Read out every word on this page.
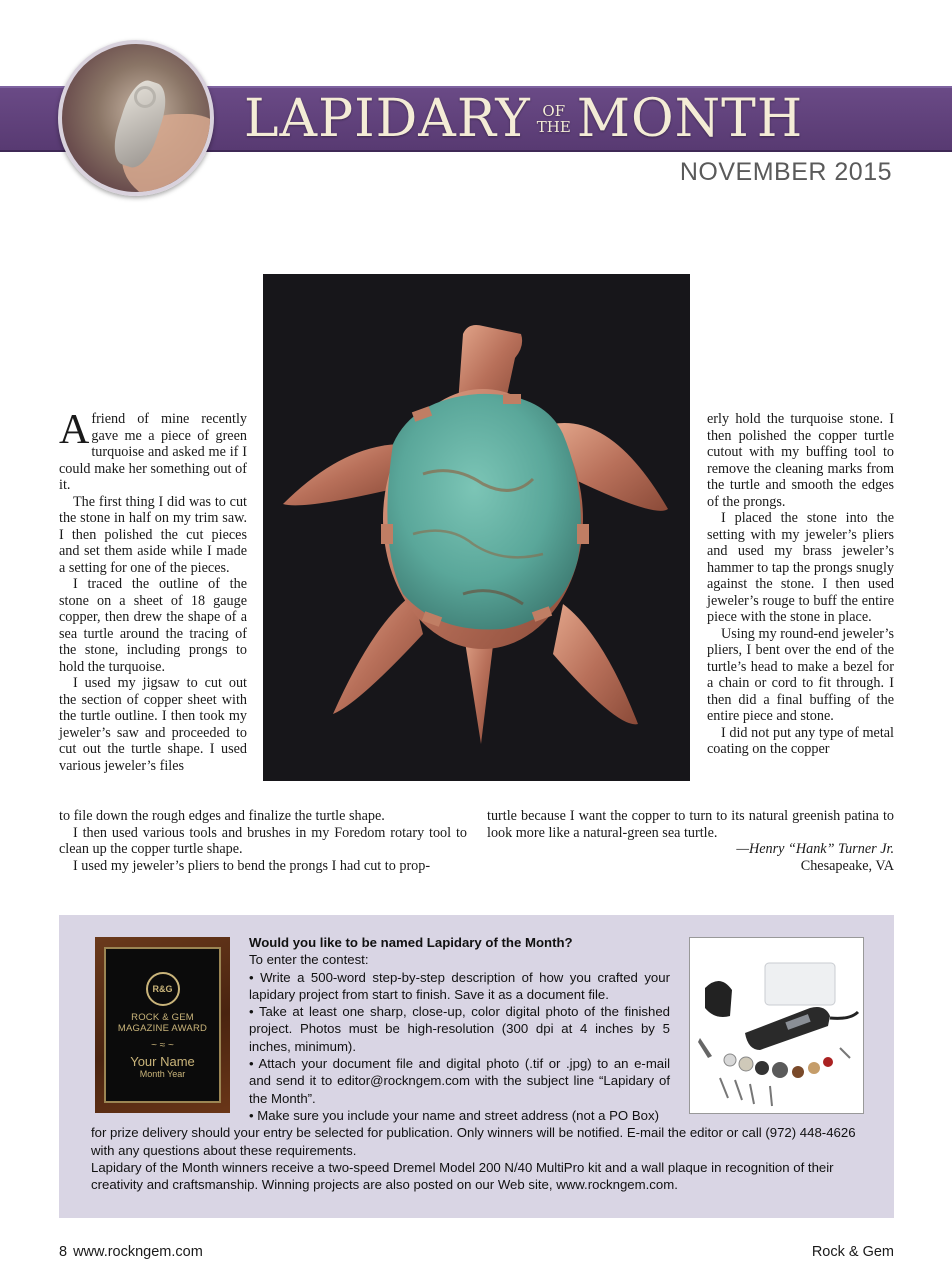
LAPIDARY OF
THE MONTH
NOVEMBER 2015

Afriend of mine recently gave me a piece of green turquoise and asked me if I could make her something out of it.

The first thing I did was to cut the stone in half on my trim saw. I then polished the cut pieces and set them aside while I made a setting for one of the pieces.

I traced the outline of the stone on a sheet of 18 gauge copper, then drew the shape of a sea turtle around the tracing of the stone, including prongs to hold the turquoise.

I used my jigsaw to cut out the section of copper sheet with the turtle outline. I then took my jeweler’s saw and proceeded to cut out the turtle shape. I used various jeweler’s files

to file down the rough edges and finalize the turtle shape.

I then used various tools and brushes in my Foredom rotary tool to clean up the copper turtle shape.

I used my jeweler’s pliers to bend the prongs I had cut to prop-

erly hold the turquoise stone. I then polished the copper turtle cutout with my buffing tool to remove the cleaning marks from the turtle and smooth the edges of the prongs.

I placed the stone into the setting with my jeweler’s pliers and used my brass jeweler’s hammer to tap the prongs snugly against the stone. I then used jeweler’s rouge to buff the entire piece with the stone in place.

Using my round-end jeweler’s pliers, I bent over the end of the turtle’s head to make a bezel for a chain or cord to fit through. I then did a final buffing of the entire piece and stone.

I did not put any type of metal coating on the copper

turtle because I want the copper to turn to its natural greenish patina to look more like a natural-green sea turtle.

—Henry “Hank” Turner Jr.
Chesapeake, VA
R&G
ROCK & GEM
MAGAZINE AWARD
~ ≈ ~
Your Name
Month Year
Would you like to be named Lapidary of the Month?
To enter the contest:
• Write a 500-word step-by-step description of how you crafted your lapidary project from start to finish. Save it as a document file.
• Take at least one sharp, close-up, color digital photo of the finished project. Photos must be high-resolution (300 dpi at 4 inches by 5 inches, minimum).
• Attach your document file and digital photo (.tif or .jpg) to an e-mail and send it to editor@rockngem.com with the subject line “Lapidary of the Month”.
• Make sure you include your name and street address (not a PO Box)
for prize delivery should your entry be selected for publication. Only winners will be notified. E-mail the editor or call (972) 448-4626 with any questions about these requirements.
Lapidary of the Month winners receive a two-speed Dremel Model 200 N/40 MultiPro kit and a wall plaque in recognition of their creativity and craftsmanship. Winning projects are also posted on our Web site, www.rockngem.com.
8 www.rockngem.com	Rock & Gem
